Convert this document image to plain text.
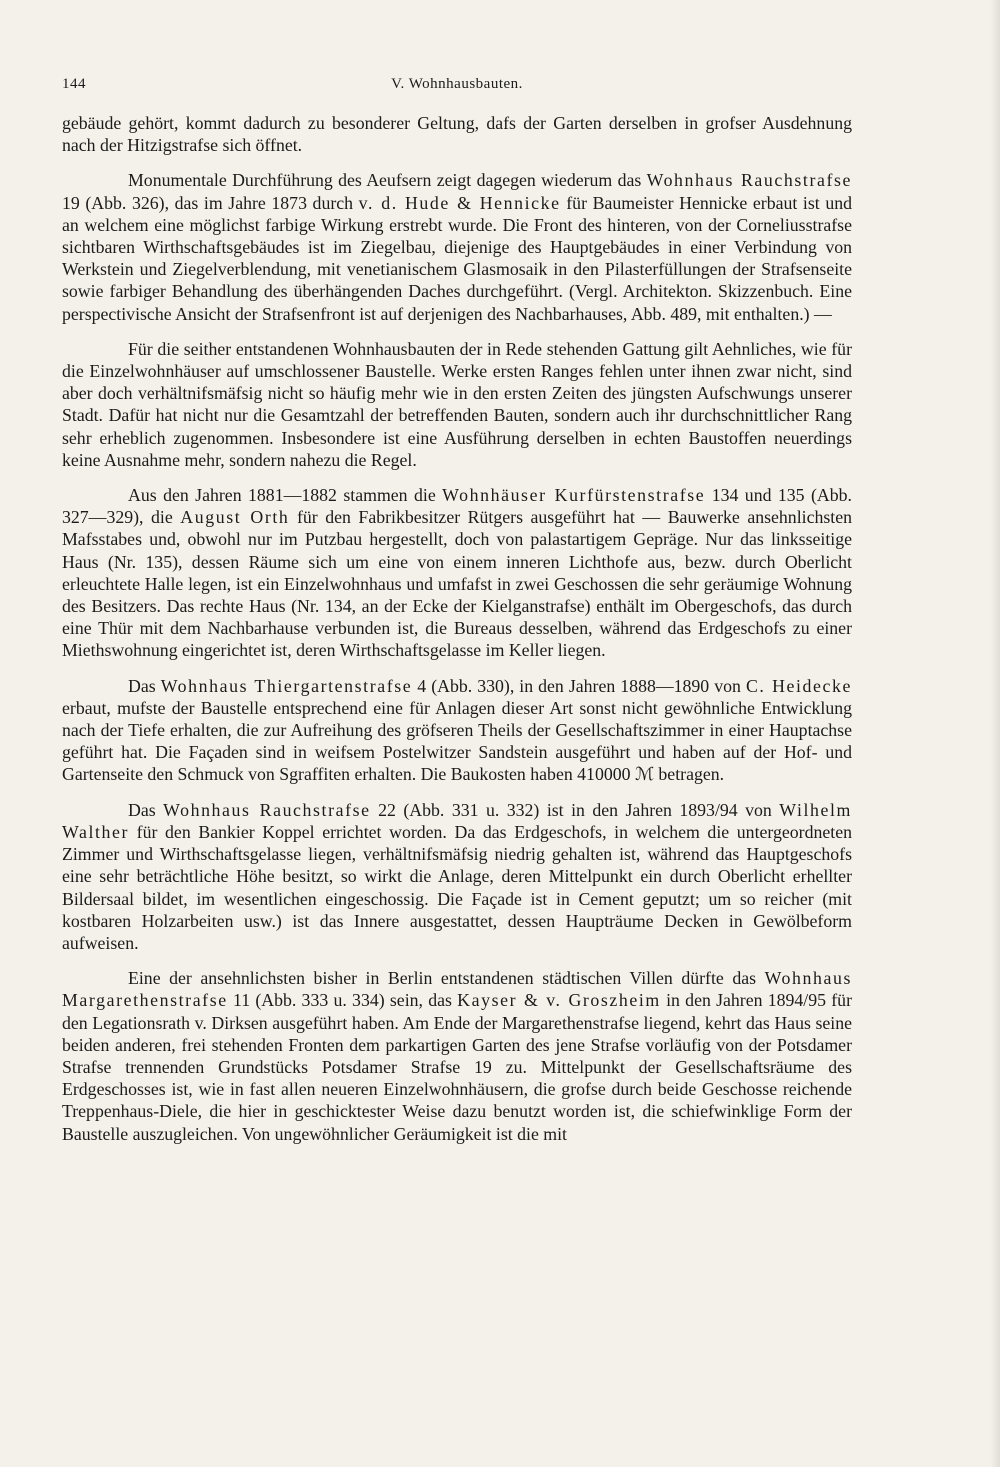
144	V. Wohnhausbauten.

gebäude gehört, kommt dadurch zu besonderer Geltung, dafs der Garten derselben in grofser Ausdehnung nach der Hitzigstrafse sich öffnet.

Monumentale Durchführung des Aeufsern zeigt dagegen wiederum das Wohnhaus Rauchstrafse 19 (Abb. 326), das im Jahre 1873 durch v. d. Hude & Hennicke für Baumeister Hennicke erbaut ist und an welchem eine möglichst farbige Wirkung erstrebt wurde. Die Front des hinteren, von der Corneliusstrafse sichtbaren Wirthschaftsgebäudes ist im Ziegelbau, diejenige des Hauptgebäudes in einer Verbindung von Werkstein und Ziegelverblendung, mit venetianischem Glasmosaik in den Pilasterfüllungen der Strafsenseite sowie farbiger Behandlung des überhängenden Daches durchgeführt. (Vergl. Architekton. Skizzenbuch. Eine perspectivische Ansicht der Strafsenfront ist auf derjenigen des Nachbarhauses, Abb. 489, mit enthalten.) —

Für die seither entstandenen Wohnhausbauten der in Rede stehenden Gattung gilt Aehnliches, wie für die Einzelwohnhäuser auf umschlossener Baustelle. Werke ersten Ranges fehlen unter ihnen zwar nicht, sind aber doch verhältnifsmäfsig nicht so häufig mehr wie in den ersten Zeiten des jüngsten Aufschwungs unserer Stadt. Dafür hat nicht nur die Gesamtzahl der betreffenden Bauten, sondern auch ihr durchschnittlicher Rang sehr erheblich zugenommen. Insbesondere ist eine Ausführung derselben in echten Baustoffen neuerdings keine Ausnahme mehr, sondern nahezu die Regel.

Aus den Jahren 1881—1882 stammen die Wohnhäuser Kurfürstenstrafse 134 und 135 (Abb. 327—329), die August Orth für den Fabrikbesitzer Rütgers ausgeführt hat — Bauwerke ansehnlichsten Mafsstabes und, obwohl nur im Putzbau hergestellt, doch von palastartigem Gepräge. Nur das linksseitige Haus (Nr. 135), dessen Räume sich um eine von einem inneren Lichthofe aus, bezw. durch Oberlicht erleuchtete Halle legen, ist ein Einzelwohnhaus und umfafst in zwei Geschossen die sehr geräumige Wohnung des Besitzers. Das rechte Haus (Nr. 134, an der Ecke der Kielganstrafse) enthält im Obergeschofs, das durch eine Thür mit dem Nachbarhause verbunden ist, die Bureaus desselben, während das Erdgeschofs zu einer Miethswohnung eingerichtet ist, deren Wirthschaftsgelasse im Keller liegen.

Das Wohnhaus Thiergartenstrafse 4 (Abb. 330), in den Jahren 1888—1890 von C. Heidecke erbaut, mufste der Baustelle entsprechend eine für Anlagen dieser Art sonst nicht gewöhnliche Entwicklung nach der Tiefe erhalten, die zur Aufreihung des gröfseren Theils der Gesellschaftszimmer in einer Hauptachse geführt hat. Die Façaden sind in weifsem Postelwitzer Sandstein ausgeführt und haben auf der Hof- und Gartenseite den Schmuck von Sgraffiten erhalten. Die Baukosten haben 410000 ℳ betragen.

Das Wohnhaus Rauchstrafse 22 (Abb. 331 u. 332) ist in den Jahren 1893/94 von Wilhelm Walther für den Bankier Koppel errichtet worden. Da das Erdgeschofs, in welchem die untergeordneten Zimmer und Wirthschaftsgelasse liegen, verhältnifsmäfsig niedrig gehalten ist, während das Hauptgeschofs eine sehr beträchtliche Höhe besitzt, so wirkt die Anlage, deren Mittelpunkt ein durch Oberlicht erhellter Bildersaal bildet, im wesentlichen eingeschossig. Die Façade ist in Cement geputzt; um so reicher (mit kostbaren Holzarbeiten usw.) ist das Innere ausgestattet, dessen Haupträume Decken in Gewölbeform aufweisen.

Eine der ansehnlichsten bisher in Berlin entstandenen städtischen Villen dürfte das Wohnhaus Margarethenstrafse 11 (Abb. 333 u. 334) sein, das Kayser & v. Groszheim in den Jahren 1894/95 für den Legationsrath v. Dirksen ausgeführt haben. Am Ende der Margarethenstrafse liegend, kehrt das Haus seine beiden anderen, frei stehenden Fronten dem parkartigen Garten des jene Strafse vorläufig von der Potsdamer Strafse trennenden Grundstücks Potsdamer Strafse 19 zu. Mittelpunkt der Gesellschaftsräume des Erdgeschosses ist, wie in fast allen neueren Einzelwohnhäusern, die grofse durch beide Geschosse reichende Treppenhaus-Diele, die hier in geschicktester Weise dazu benutzt worden ist, die schiefwinklige Form der Baustelle auszugleichen. Von ungewöhnlicher Geräumigkeit ist die mit
